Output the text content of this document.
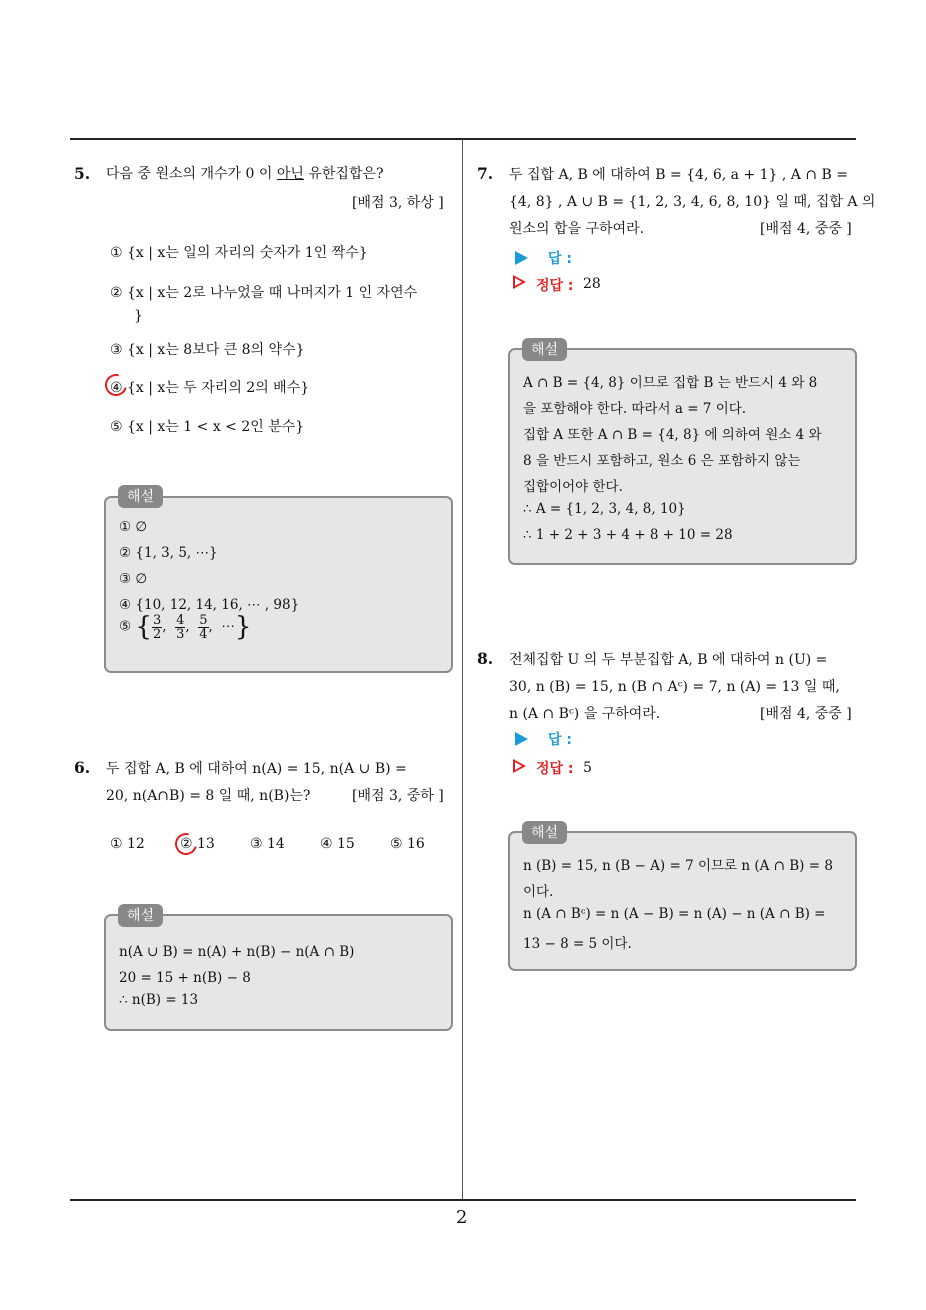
2
5. 다음 중 원소의 개수가 0 이 아닌 유한집합은?
[배점 3, 하상 ]
① {x | x는 일의 자리의 숫자가 1인 짝수}
② {x | x는 2로 나누었을 때 나머지가 1 인 자연수
}
③ {x | x는 8보다 큰 8의 약수}
④ {x | x는 두 자리의 2의 배수}
⑤ {x | x는 1 < x < 2인 분수}
① ∅
② {1, 3, 5, ⋯}
③ ∅
④ {10, 12, 14, 16, ⋯ , 98}
⑤ { $\frac{3}{2}$ , $\frac{4}{3}$ , $\frac{5}{4}$ ,  ⋯}
해설
6. 두 집합 A, B 에 대하여 n(A) = 15, n(A ∪ B) =
20, n(A∩B) = 8 일 때, n(B)는?	[배점 3, 중하 ]
① 12	② 13	③ 14	④ 15	⑤ 16
n(A ∪ B) = n(A) + n(B) − n(A ∩ B)
20 = 15 + n(B) − 8
∴ n(B) = 13
해설
7. 두 집합 A, B 에 대하여 B = {4, 6, a + 1} , A ∩ B =
{4, 8} , A ∪ B = {1, 2, 3, 4, 6, 8, 10} 일 때, 집합 A 의
원소의 합을 구하여라.	[배점 4, 중중 ]
답 :
정답 : 28
A ∩ B = {4, 8} 이므로 집합 B 는 반드시 4 와 8
을 포함해야 한다. 따라서 a = 7 이다.
집합 A 또한 A ∩ B = {4, 8} 에 의하여 원소 4 와
8 을 반드시 포함하고, 원소 6 은 포함하지 않는
집합이어야 한다.
∴ A = {1, 2, 3, 4, 8, 10}
∴ 1 + 2 + 3 + 4 + 8 + 10 = 28
해설
8. 전체집합 U 의 두 부분집합 A, B 에 대하여 n (U) =
30, n (B) = 15, n (B ∩ Aᶜ) = 7, n (A) = 13 일 때,
n (A ∩ Bᶜ) 을 구하여라.	[배점 4, 중중 ]
답 :
정답 : 5
n (B) = 15, n (B − A) = 7 이므로 n (A ∩ B) = 8
이다.
n (A ∩ Bᶜ) = n (A − B) = n (A) − n (A ∩ B) =
13 − 8 = 5 이다.
해설
